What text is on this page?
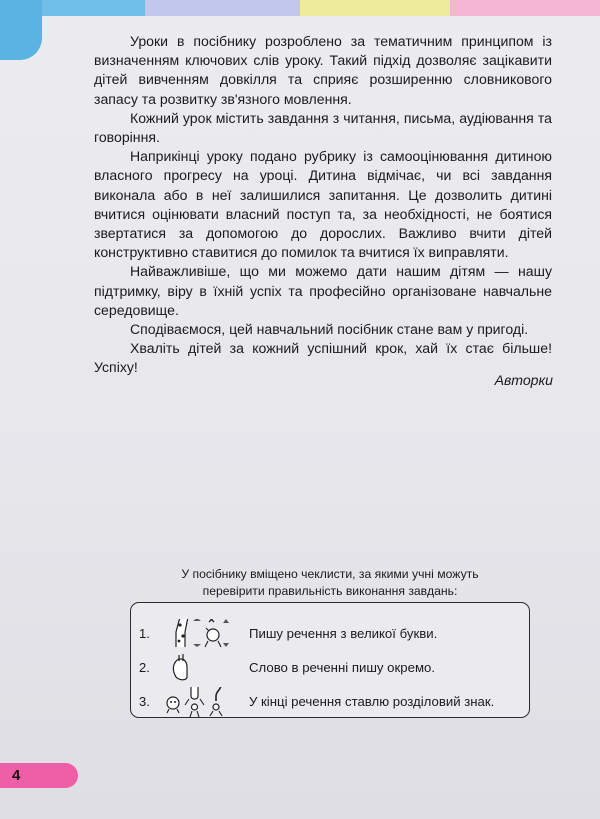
Уроки в посібнику розроблено за тематичним принципом із визначенням ключових слів уроку. Такий підхід дозволяє зацікавити дітей вивченням довкілля та сприяє розширенню словникового запасу та розвитку зв'язного мовлення.

Кожний урок містить завдання з читання, письма, аудіювання та говоріння.

Наприкінці уроку подано рубрику із самооцінювання дитиною власного прогресу на уроці. Дитина відмічає, чи всі завдання виконала або в неї залишилися запитання. Це дозволить дитині вчитися оцінювати власний поступ та, за необхідності, не боятися звертатися за допомогою до дорослих. Важливо вчити дітей конструктивно ставитися до помилок та вчитися їх виправляти.

Найважливіше, що ми можемо дати нашим дітям — нашу підтримку, віру в їхній успіх та професійно організоване навчальне середовище.

Сподіваємося, цей навчальний посібник стане вам у пригоді.

Хваліть дітей за кожний успішний крок, хай їх стає більше! Успіху!

Авторки
У посібнику вміщено чеклисти, за якими учні можуть
перевірити правильність виконання завдань:
1.	Пишу речення з великої букви.
2.	Слово в реченні пишу окремо.
3.	У кінці речення ставлю розділовий знак.
4
